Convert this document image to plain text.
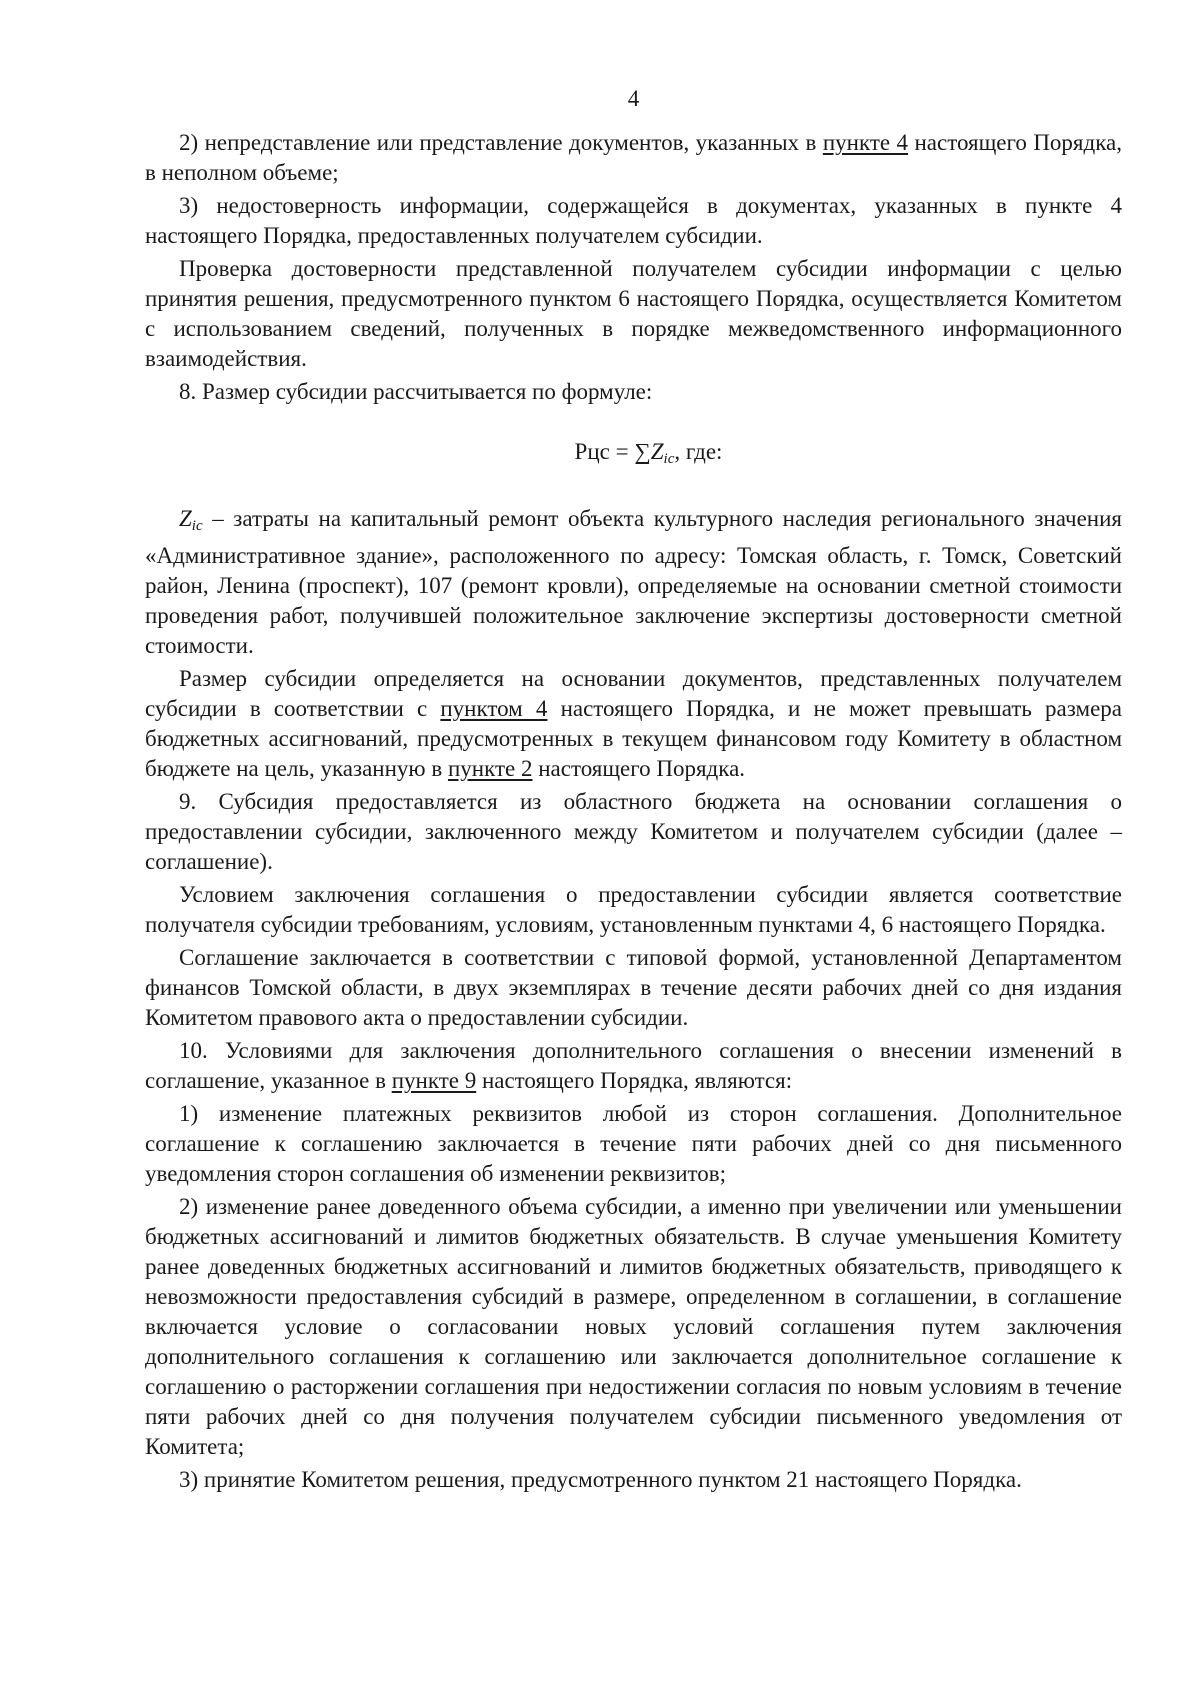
4

2) непредставление или представление документов, указанных в пункте 4 настоящего Порядка, в неполном объеме;

3) недостоверность информации, содержащейся в документах, указанных в пункте 4 настоящего Порядка, предоставленных получателем субсидии.

Проверка достоверности представленной получателем субсидии информации с целью принятия решения, предусмотренного пунктом 6 настоящего Порядка, осуществляется Комитетом с использованием сведений, полученных в порядке межведомственного информационного взаимодействия.

8. Размер субсидии рассчитывается по формуле:

Рцс = $\sum Z_{ic}$, где:

$Z_{ic}$ – затраты на капитальный ремонт объекта культурного наследия регионального значения «Административное здание», расположенного по адресу: Томская область, г. Томск, Советский район, Ленина (проспект), 107 (ремонт кровли), определяемые на основании сметной стоимости проведения работ, получившей положительное заключение экспертизы достоверности сметной стоимости.

Размер субсидии определяется на основании документов, представленных получателем субсидии в соответствии с пунктом 4 настоящего Порядка, и не может превышать размера бюджетных ассигнований, предусмотренных в текущем финансовом году Комитету в областном бюджете на цель, указанную в пункте 2 настоящего Порядка.

9. Субсидия предоставляется из областного бюджета на основании соглашения о предоставлении субсидии, заключенного между Комитетом и получателем субсидии (далее – соглашение).

Условием заключения соглашения о предоставлении субсидии является соответствие получателя субсидии требованиям, условиям, установленным пунктами 4, 6 настоящего Порядка.

Соглашение заключается в соответствии с типовой формой, установленной Департаментом финансов Томской области, в двух экземплярах в течение десяти рабочих дней со дня издания Комитетом правового акта о предоставлении субсидии.

10. Условиями для заключения дополнительного соглашения о внесении изменений в соглашение, указанное в пункте 9 настоящего Порядка, являются:

1) изменение платежных реквизитов любой из сторон соглашения. Дополнительное соглашение к соглашению заключается в течение пяти рабочих дней со дня письменного уведомления сторон соглашения об изменении реквизитов;

2) изменение ранее доведенного объема субсидии, а именно при увеличении или уменьшении бюджетных ассигнований и лимитов бюджетных обязательств. В случае уменьшения Комитету ранее доведенных бюджетных ассигнований и лимитов бюджетных обязательств, приводящего к невозможности предоставления субсидий в размере, определенном в соглашении, в соглашение включается условие о согласовании новых условий соглашения путем заключения дополнительного соглашения к соглашению или заключается дополнительное соглашение к соглашению о расторжении соглашения при недостижении согласия по новым условиям в течение пяти рабочих дней со дня получения получателем субсидии письменного уведомления от Комитета;

3) принятие Комитетом решения, предусмотренного пунктом 21 настоящего Порядка.
